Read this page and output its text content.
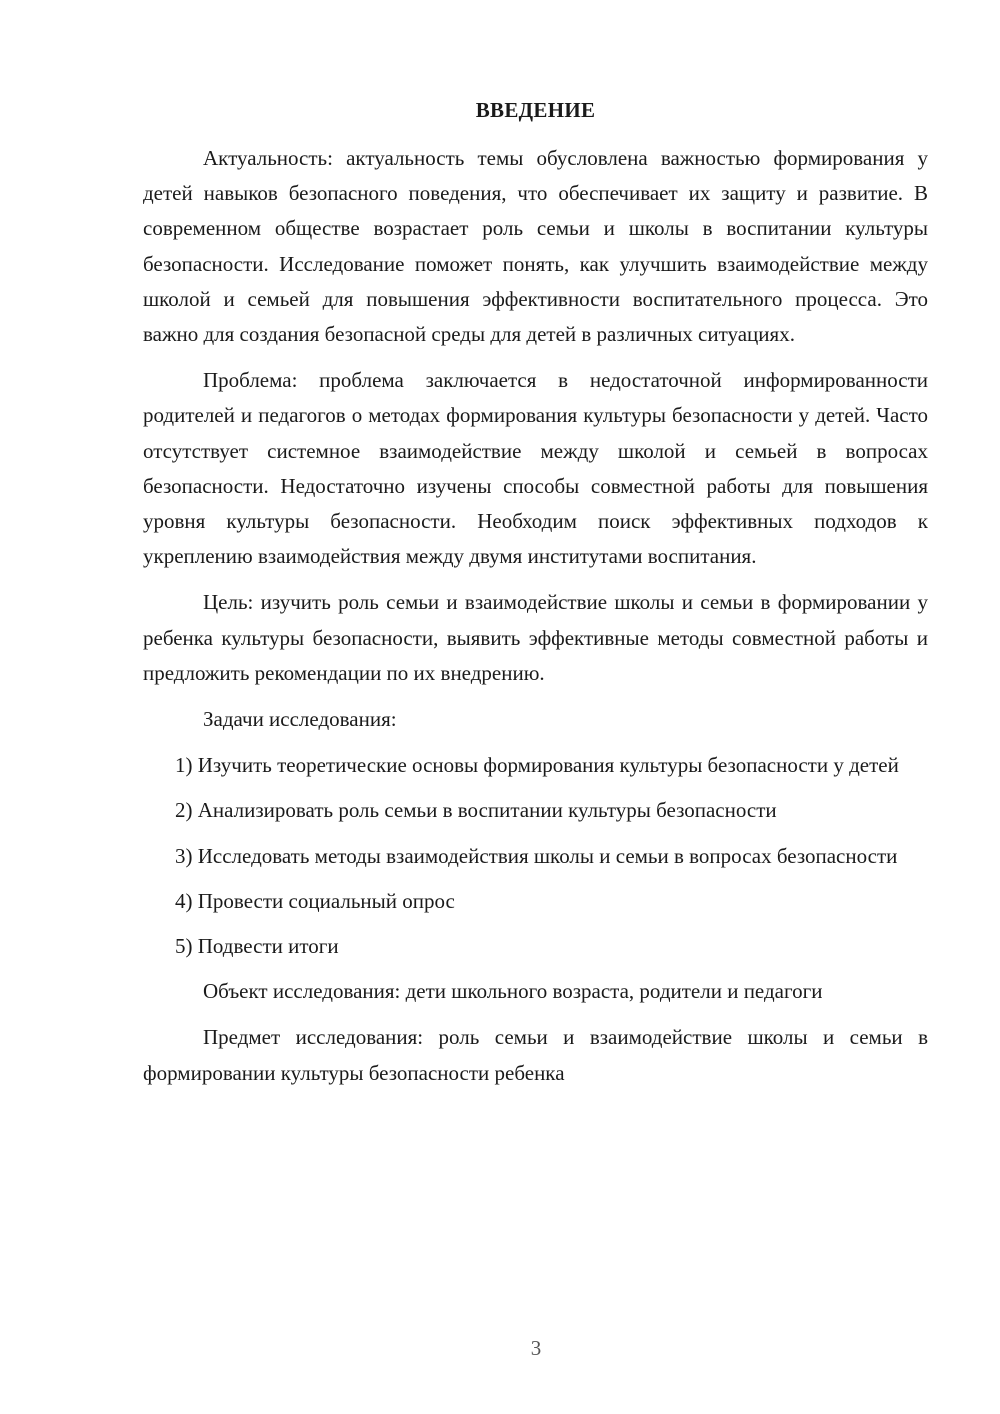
ВВЕДЕНИЕ

Актуальность: актуальность темы обусловлена важностью формирования у детей навыков безопасного поведения, что обеспечивает их защиту и развитие. В современном обществе возрастает роль семьи и школы в воспитании культуры безопасности. Исследование поможет понять, как улучшить взаимодействие между школой и семьей для повышения эффективности воспитательного процесса. Это важно для создания безопасной среды для детей в различных ситуациях.

Проблема: проблема заключается в недостаточной информированности родителей и педагогов о методах формирования культуры безопасности у детей. Часто отсутствует системное взаимодействие между школой и семьей в вопросах безопасности. Недостаточно изучены способы совместной работы для повышения уровня культуры безопасности. Необходим поиск эффективных подходов к укреплению взаимодействия между двумя институтами воспитания.

Цель: изучить роль семьи и взаимодействие школы и семьи в формировании у ребенка культуры безопасности, выявить эффективные методы совместной работы и предложить рекомендации по их внедрению.

Задачи исследования:

1) Изучить теоретические основы формирования культуры безопасности у детей

2) Анализировать роль семьи в воспитании культуры безопасности

3) Исследовать методы взаимодействия школы и семьи в вопросах безопасности

4) Провести социальный опрос

5) Подвести итоги

Объект исследования: дети школьного возраста, родители и педагоги

Предмет исследования: роль семьи и взаимодействие школы и семьи в формировании культуры безопасности ребенка

3
